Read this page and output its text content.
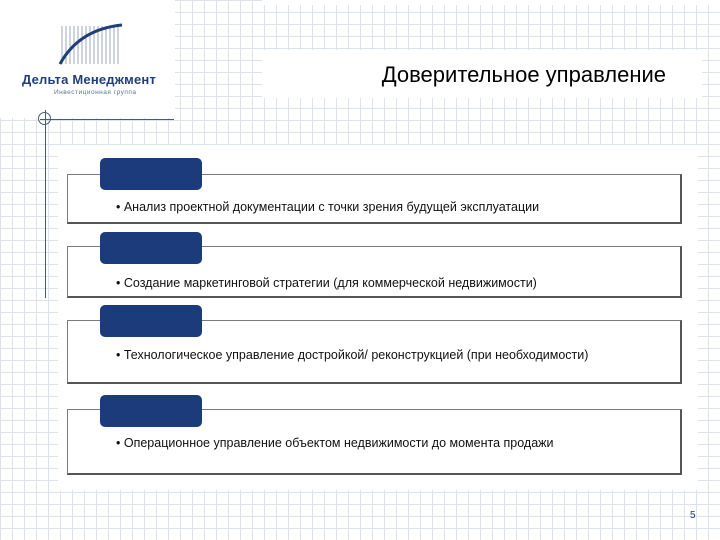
Дельта Менеджмент
Инвестиционная группа
Доверительное управление
• Анализ проектной документации с точки зрения будущей эксплуатации
• Создание маркетинговой стратегии (для коммерческой недвижимости)
• Технологическое управление достройкой/ реконструкцией (при необходимости)
• Операционное управление объектом недвижимости до момента продажи
5
